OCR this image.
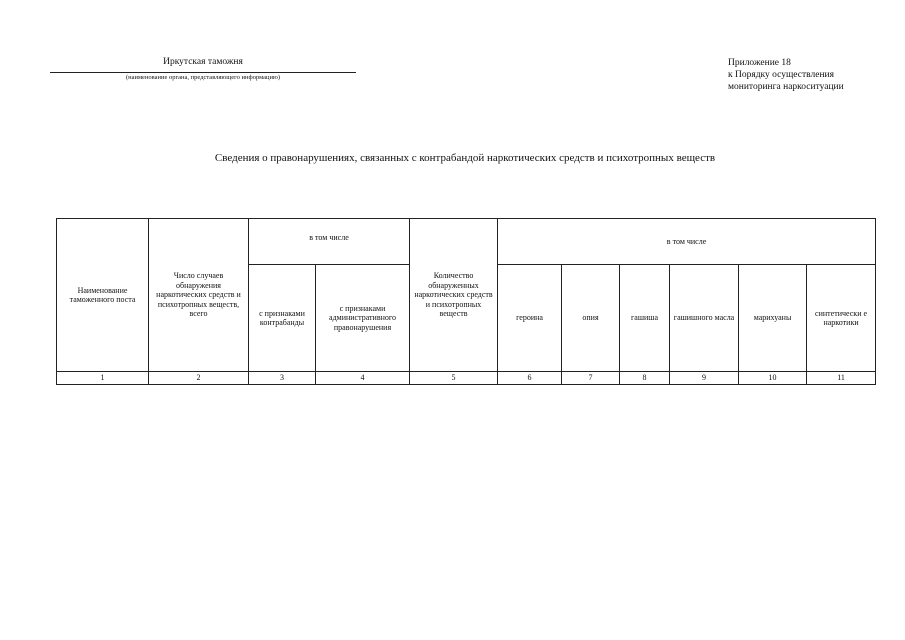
Иркутская таможня
(наименование органа, представляющего информацию)
Приложение 18
к Порядку осуществления
мониторинга наркоситуации
Сведения о правонарушениях, связанных с контрабандой наркотических средств и психотропных веществ
Наименование таможенного поста	Число случаев обнаружения наркотических средств и психотропных веществ, всего	в том числе		Количество обнаруженных наркотических средств и психотропных веществ	в том числе					
		с признаками контрабанды	с признаками административного правонарушения		героина	опия	гашиша	гашишного масла	марихуаны	синтетически е наркотики
1	2	3	4	5	6	7	8	9	10	11
